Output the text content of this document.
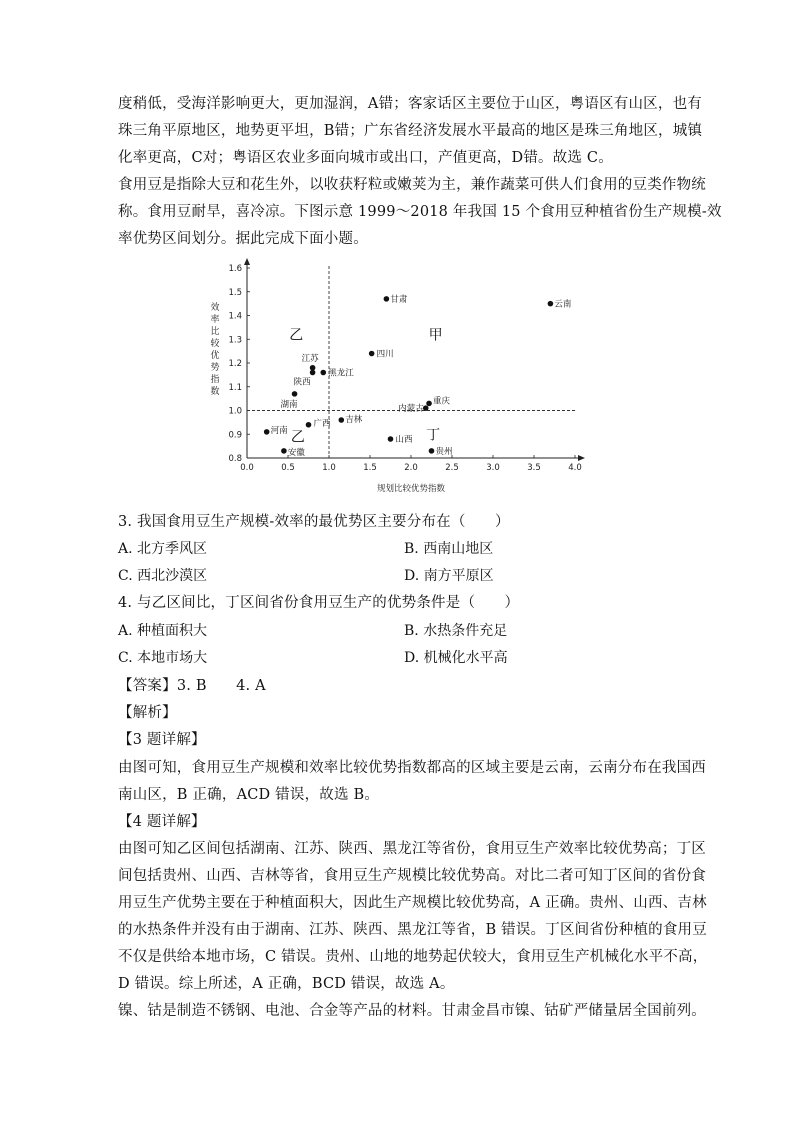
度稍低，受海洋影响更大，更加湿润，A错；客家话区主要位于山区，粤语区有山区，也有
珠三角平原地区，地势更平坦，B错；广东省经济发展水平最高的地区是珠三角地区，城镇
化率更高，C对；粤语区农业多面向城市或出口，产值更高，D错。故选 C。
食用豆是指除大豆和花生外，以收获籽粒或嫩荚为主，兼作蔬菜可供人们食用的豆类作物统
称。食用豆耐旱，喜冷凉。下图示意 1999～2018 年我国 15 个食用豆种植省份生产规模-效
率优势区间划分。据此完成下面小题。
0.0	0.5	1.0	1.5	2.0	2.5	3.0	3.5	4.0
0.8
0.9
1.0
1.1
1.2
1.3
1.4
1.5
1.6
规划比较优势指数
效率比较优势指数
甘肃	云南
四川
江苏
黑龙江
陕西
湖南	重庆
内蒙古
吉林
河南
广西
山西
安徽	贵州
乙	甲
乙	丁
3. 我国食用豆生产规模-效率的最优势区主要分布在（　　）
A. 北方季风区	B. 西南山地区
C. 西北沙漠区	D. 南方平原区
4. 与乙区间比，丁区间省份食用豆生产的优势条件是（　　）
A. 种植面积大	B. 水热条件充足
C. 本地市场大	D. 机械化水平高
【答案】3. B　　4. A
【解析】
【3 题详解】
由图可知，食用豆生产规模和效率比较优势指数都高的区域主要是云南，云南分布在我国西
南山区，B 正确，ACD 错误，故选 B。
【4 题详解】
由图可知乙区间包括湖南、江苏、陕西、黑龙江等省份，食用豆生产效率比较优势高；丁区
间包括贵州、山西、吉林等省，食用豆生产规模比较优势高。对比二者可知丁区间的省份食
用豆生产优势主要在于种植面积大，因此生产规模比较优势高，A 正确。贵州、山西、吉林
的水热条件并没有由于湖南、江苏、陕西、黑龙江等省，B 错误。丁区间省份种植的食用豆
不仅是供给本地市场，C 错误。贵州、山地的地势起伏较大，食用豆生产机械化水平不高，
D 错误。综上所述，A 正确，BCD 错误，故选 A。
镍、钴是制造不锈钢、电池、合金等产品的材料。甘肃金昌市镍、钴矿严储量居全国前列。
